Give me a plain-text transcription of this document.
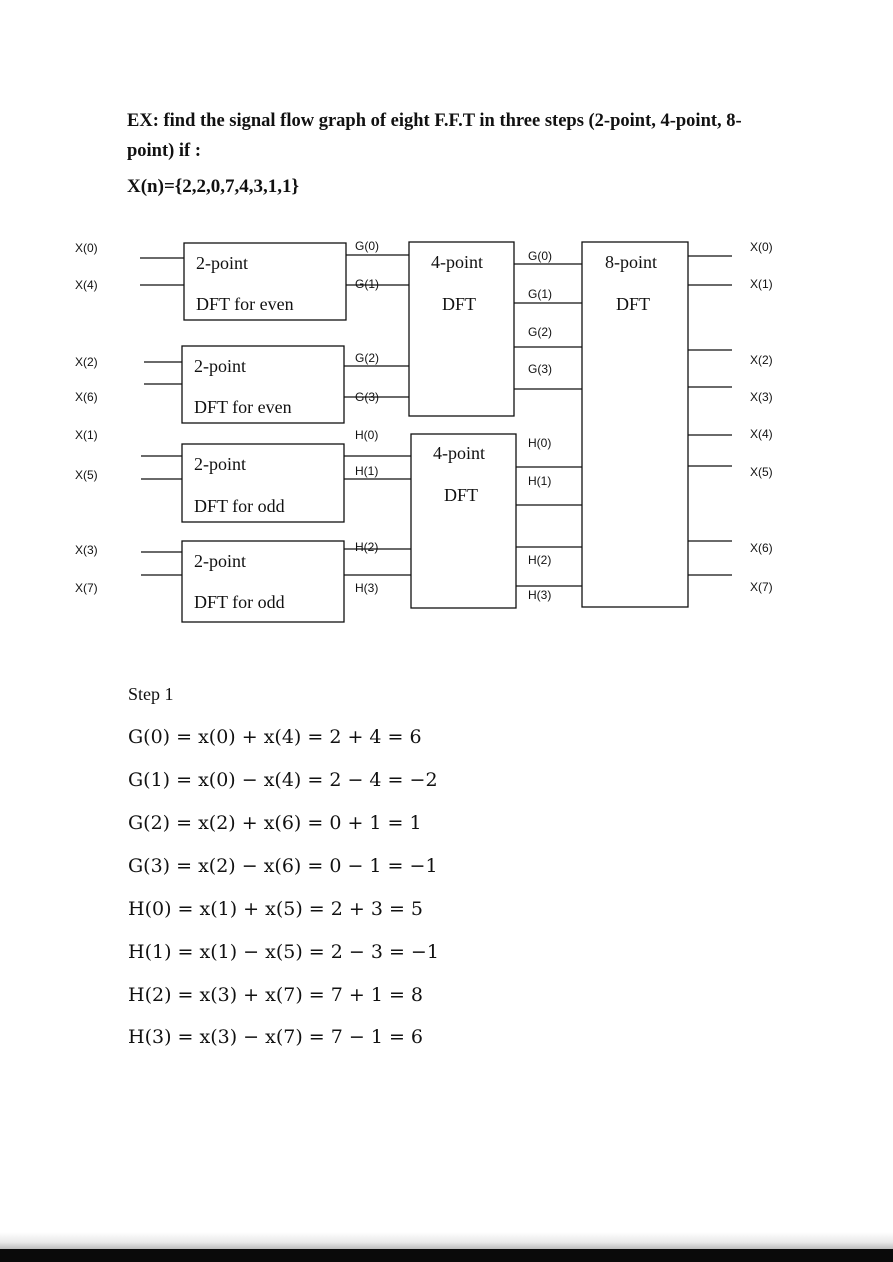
EX: find the signal flow graph of eight F.F.T in three steps (2-point, 4-point, 8-point) if :
X(n)={2,2,0,7,4,3,1,1}
2-point
DFT for even
2-point
DFT for even
2-point
DFT for odd
2-point
DFT for odd
4-point
DFT
4-point
DFT
8-point
DFT
X(0)
X(4)
X(2)
X(6)
X(1)
X(5)
X(3)
X(7)
G(0)
G(1)
G(2)
G(3)
H(0)
H(1)
H(2)
H(3)
G(0)
G(1)
G(2)
G(3)
H(0)
H(1)
H(2)
H(3)
X(0)
X(1)
X(2)
X(3)
X(4)
X(5)
X(6)
X(7)
Step 1
G(0) = x(0) + x(4) = 2 + 4 = 6
G(1) = x(0) − x(4) = 2 − 4 = −2
G(2) = x(2) + x(6) = 0 + 1 = 1
G(3) = x(2) − x(6) = 0 − 1 = −1
H(0) = x(1) + x(5) = 2 + 3 = 5
H(1) = x(1) − x(5) = 2 − 3 = −1
H(2) = x(3) + x(7) = 7 + 1 = 8
H(3) = x(3) − x(7) = 7 − 1 = 6
